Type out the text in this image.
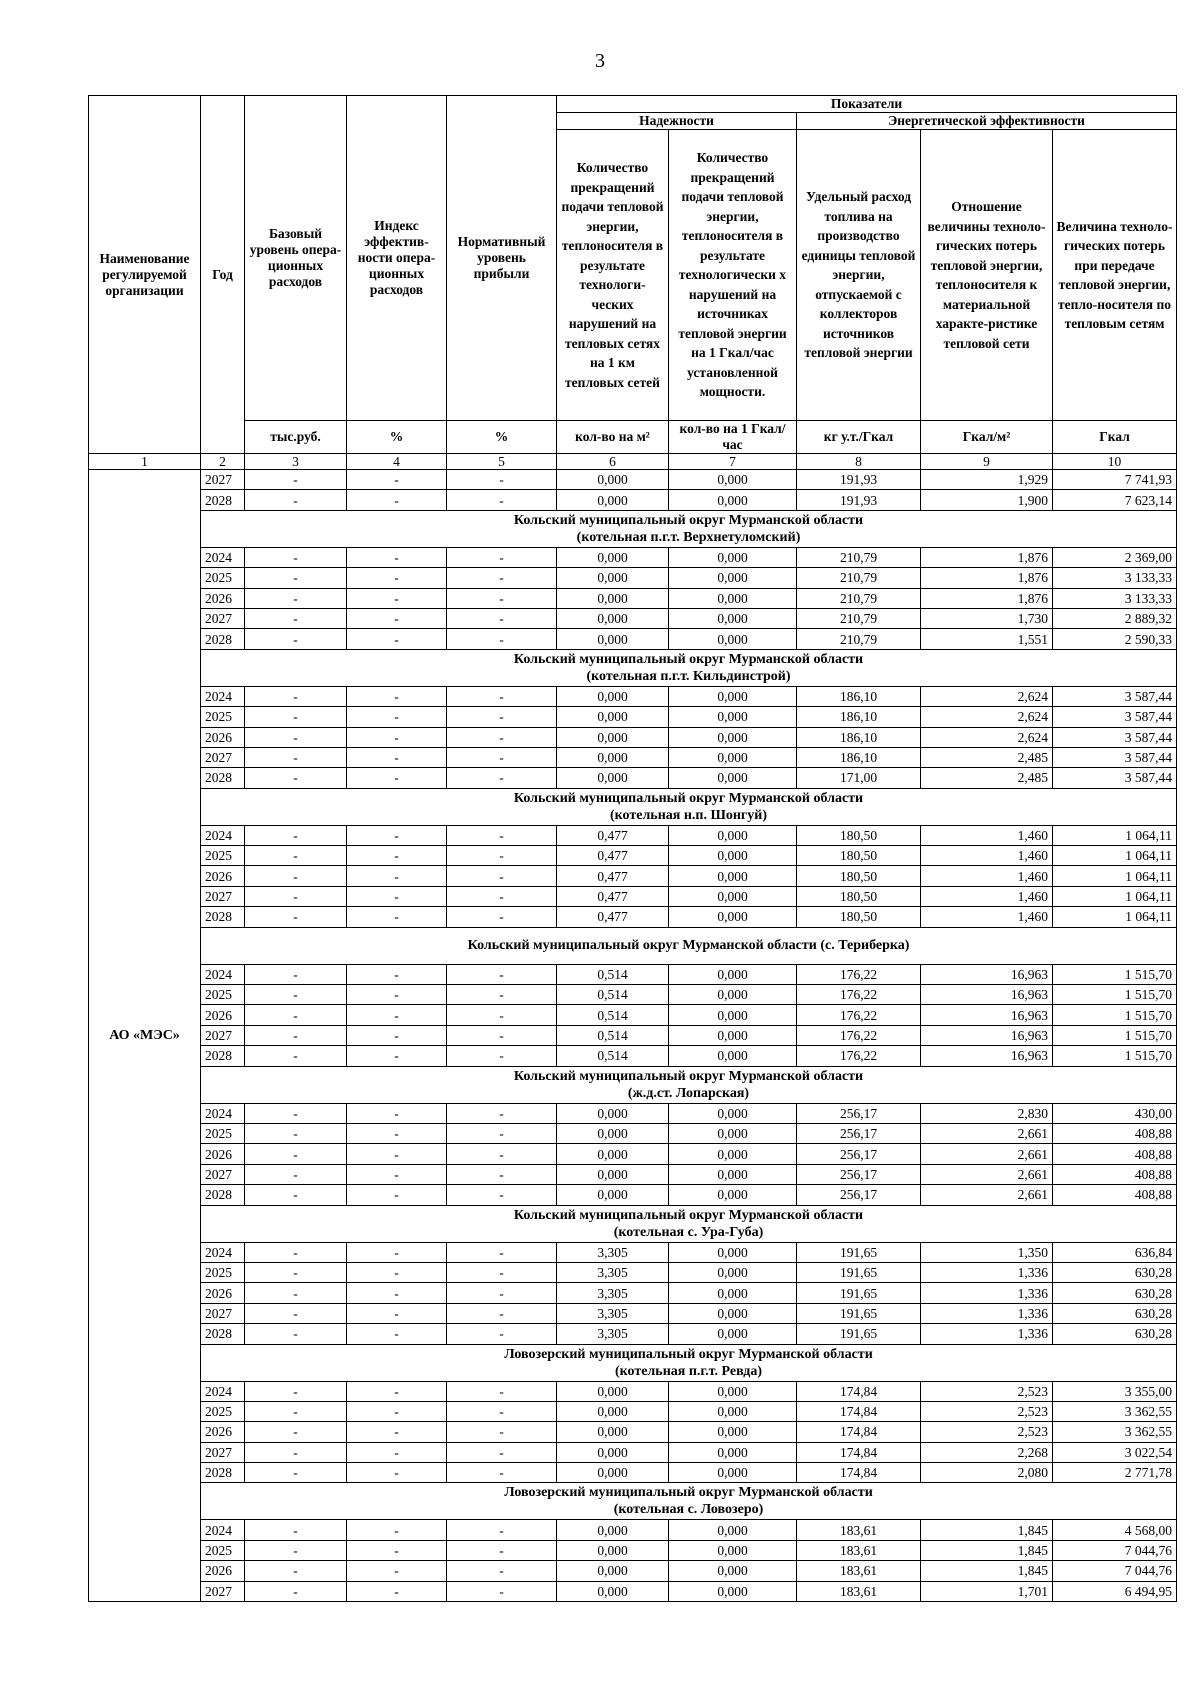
3
Наименование регулируемой организации	Год	Базовый уровень опера-ционных расходов	Индекс эффектив-ности опера-ционных расходов	Нормативный уровень прибыли	Показатели				
					Надежности		Энергетической эффективности		
					Количество прекращений подачи тепловой энергии, теплоносителя в результате технологи-ческих нарушений на тепловых сетях на 1 км тепловых сетей	Количество прекращений подачи тепловой энергии, теплоносителя в результате технологически х нарушений на источниках тепловой энергии на 1 Гкал/час установленной мощности.	Удельный расход топлива на производство единицы тепловой энергии, отпускаемой с коллекторов источников тепловой энергии	Отношение величины техноло-гических потерь тепловой энергии, теплоносителя к материальной характе-ристике тепловой сети	Величина техноло-гических потерь при передаче тепловой энергии, тепло-носителя по тепловым сетям
		тыс.руб.	%	%	кол-во на м²	кол-во на 1 Гкал/час	кг у.т./Гкал	Гкал/м²	Гкал
1	2	3	4	5	6	7	8	9	10
АО «МЭС»	2027	-	-	-	0,000	0,000	191,93	1,929	7 741,93
	2028	-	-	-	0,000	0,000	191,93	1,900	7 623,14

	Кольский муниципальный округ Мурманской области
(котельная п.г.т. Верхнетуломский)								

	2024	-	-	-	0,000	0,000	210,79	1,876	2 369,00
	2025	-	-	-	0,000	0,000	210,79	1,876	3 133,33
	2026	-	-	-	0,000	0,000	210,79	1,876	3 133,33
	2027	-	-	-	0,000	0,000	210,79	1,730	2 889,32
	2028	-	-	-	0,000	0,000	210,79	1,551	2 590,33

	Кольский муниципальный округ Мурманской области
(котельная п.г.т. Кильдинстрой)								

	2024	-	-	-	0,000	0,000	186,10	2,624	3 587,44
	2025	-	-	-	0,000	0,000	186,10	2,624	3 587,44
	2026	-	-	-	0,000	0,000	186,10	2,624	3 587,44
	2027	-	-	-	0,000	0,000	186,10	2,485	3 587,44
	2028	-	-	-	0,000	0,000	171,00	2,485	3 587,44

	Кольский муниципальный округ Мурманской области
(котельная н.п. Шонгуй)								

	2024	-	-	-	0,477	0,000	180,50	1,460	1 064,11
	2025	-	-	-	0,477	0,000	180,50	1,460	1 064,11
	2026	-	-	-	0,477	0,000	180,50	1,460	1 064,11
	2027	-	-	-	0,477	0,000	180,50	1,460	1 064,11
	2028	-	-	-	0,477	0,000	180,50	1,460	1 064,11

	Кольский муниципальный округ Мурманской области (с. Териберка)								

	2024	-	-	-	0,514	0,000	176,22	16,963	1 515,70
	2025	-	-	-	0,514	0,000	176,22	16,963	1 515,70
	2026	-	-	-	0,514	0,000	176,22	16,963	1 515,70
	2027	-	-	-	0,514	0,000	176,22	16,963	1 515,70
	2028	-	-	-	0,514	0,000	176,22	16,963	1 515,70

	Кольский муниципальный округ Мурманской области
(ж.д.ст. Лопарская)								

	2024	-	-	-	0,000	0,000	256,17	2,830	430,00
	2025	-	-	-	0,000	0,000	256,17	2,661	408,88
	2026	-	-	-	0,000	0,000	256,17	2,661	408,88
	2027	-	-	-	0,000	0,000	256,17	2,661	408,88
	2028	-	-	-	0,000	0,000	256,17	2,661	408,88

	Кольский муниципальный округ Мурманской области
(котельная с. Ура-Губа)								

	2024	-	-	-	3,305	0,000	191,65	1,350	636,84
	2025	-	-	-	3,305	0,000	191,65	1,336	630,28
	2026	-	-	-	3,305	0,000	191,65	1,336	630,28
	2027	-	-	-	3,305	0,000	191,65	1,336	630,28
	2028	-	-	-	3,305	0,000	191,65	1,336	630,28

	Ловозерский муниципальный округ Мурманской области
(котельная п.г.т. Ревда)								

	2024	-	-	-	0,000	0,000	174,84	2,523	3 355,00
	2025	-	-	-	0,000	0,000	174,84	2,523	3 362,55
	2026	-	-	-	0,000	0,000	174,84	2,523	3 362,55
	2027	-	-	-	0,000	0,000	174,84	2,268	3 022,54
	2028	-	-	-	0,000	0,000	174,84	2,080	2 771,78

	Ловозерский муниципальный округ Мурманской области
(котельная с. Ловозеро)								

	2024	-	-	-	0,000	0,000	183,61	1,845	4 568,00
	2025	-	-	-	0,000	0,000	183,61	1,845	7 044,76
	2026	-	-	-	0,000	0,000	183,61	1,845	7 044,76
	2027	-	-	-	0,000	0,000	183,61	1,701	6 494,95
